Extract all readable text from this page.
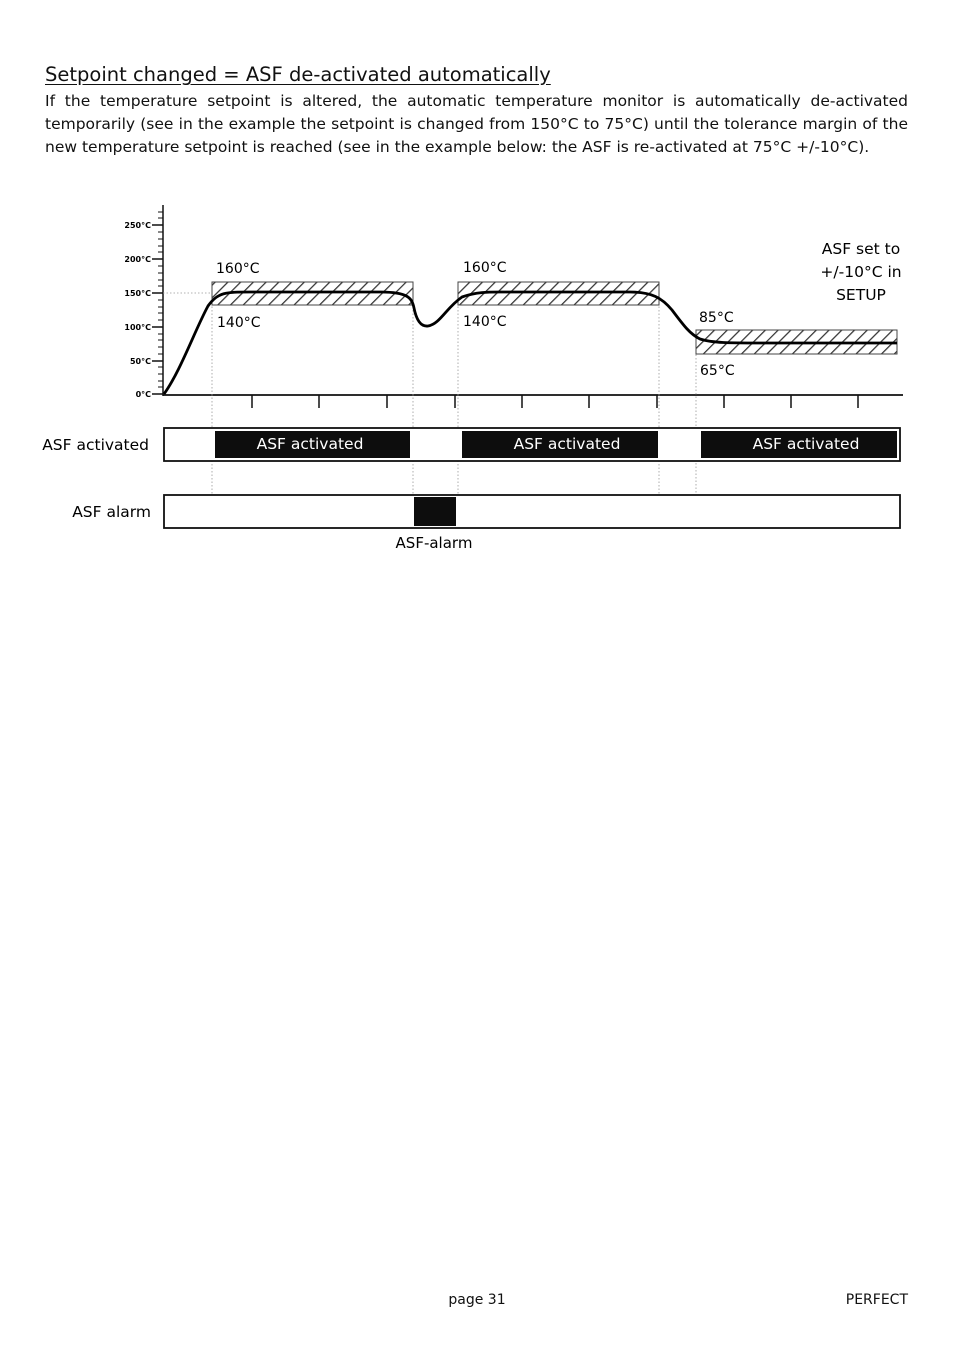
Setpoint changed = ASF de-activated automatically

If the temperature setpoint is altered, the automatic temperature monitor is automatically de-activated temporarily (see in the example the setpoint is changed from 150°C to 75°C) until the tolerance margin of the new temperature setpoint is reached (see in the example below: the ASF is re-activated at 75°C +/-10°C).

250°C
200°C
150°C
100°C
50°C
0°C
160°C
140°C
160°C
140°C	85°C
65°C
ASF set to
+/-10°C in
SETUP
ASF activated	ASF activated	ASF activated	ASF activated
ASF alarm
ASF-alarm
page 31	PERFECT
